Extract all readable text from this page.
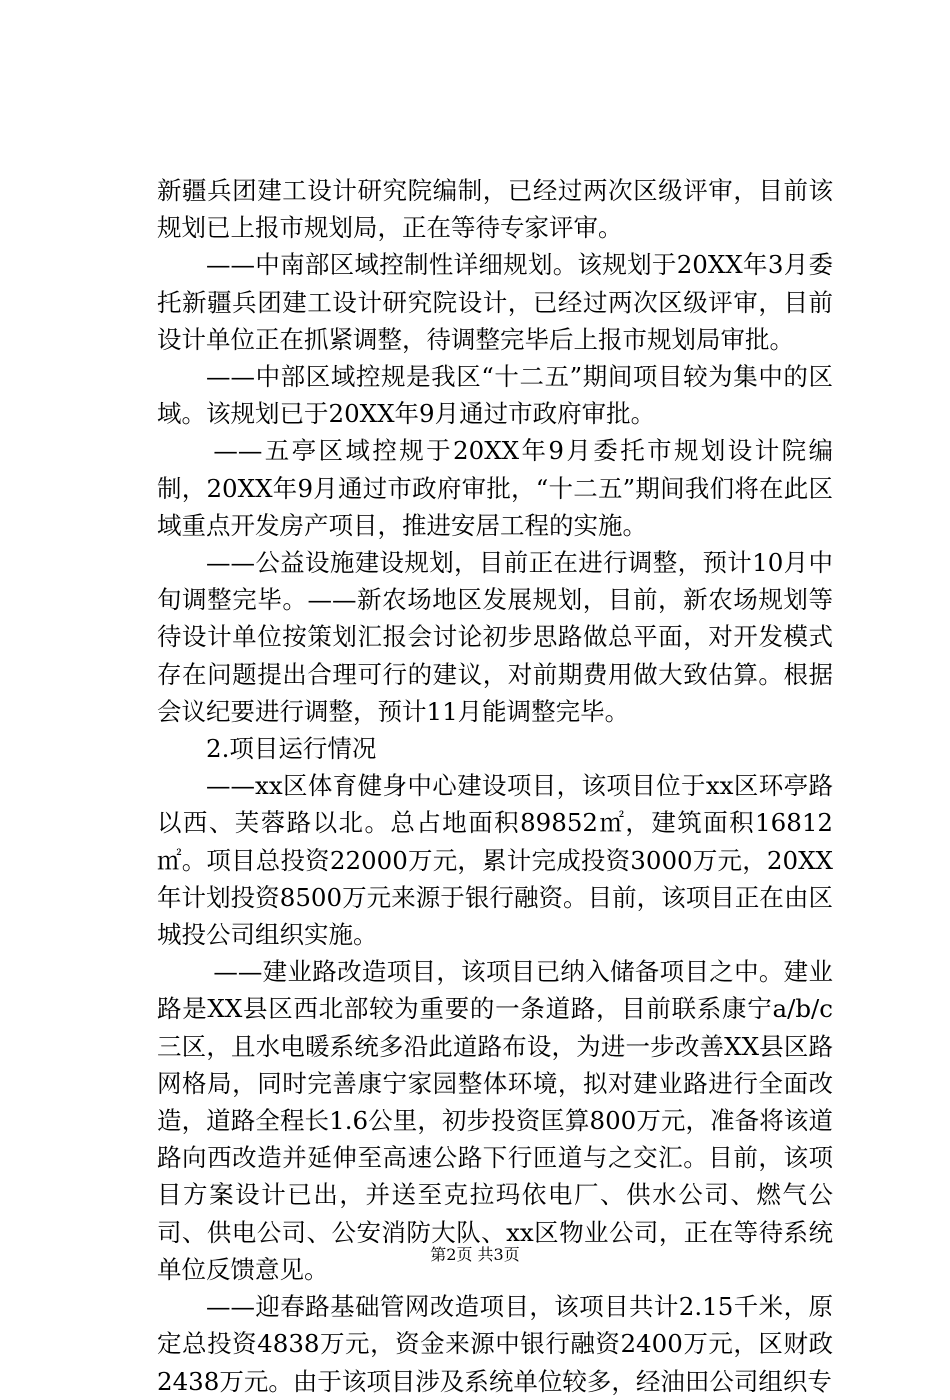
新疆兵团建工设计研究院编制，已经过两次区级评审，目前该规划已上报市规划局，正在等待专家评审。

——中南部区域控制性详细规划。该规划于20XX年3月委托新疆兵团建工设计研究院设计，已经过两次区级评审，目前设计单位正在抓紧调整，待调整完毕后上报市规划局审批。

——中部区域控规是我区“十二五”期间项目较为集中的区域。该规划已于20XX年9月通过市政府审批。

——五亭区域控规于20XX年9月委托市规划设计院编制，20XX年9月通过市政府审批，“十二五”期间我们将在此区域重点开发房产项目，推进安居工程的实施。

——公益设施建设规划，目前正在进行调整，预计10月中旬调整完毕。——新农场地区发展规划，目前，新农场规划等待设计单位按策划汇报会讨论初步思路做总平面，对开发模式存在问题提出合理可行的建议，对前期费用做大致估算。根据会议纪要进行调整，预计11月能调整完毕。

2.项目运行情况

——xx区体育健身中心建设项目，该项目位于xx区环亭路以西、芙蓉路以北。总占地面积89852㎡，建筑面积16812㎡。项目总投资22000万元，累计完成投资3000万元，20XX年计划投资8500万元来源于银行融资。目前，该项目正在由区城投公司组织实施。

——建业路改造项目，该项目已纳入储备项目之中。建业路是XX县区西北部较为重要的一条道路，目前联系康宁a/b/c三区，且水电暖系统多沿此道路布设，为进一步改善XX县区路网格局，同时完善康宁家园整体环境，拟对建业路进行全面改造，道路全程长1.6公里，初步投资匡算800万元，准备将该道路向西改造并延伸至高速公路下行匝道与之交汇。目前，该项目方案设计已出，并送至克拉玛依电厂、供水公司、燃气公司、供电公司、公安消防大队、xx区物业公司，正在等待系统单位反馈意见。

——迎春路基础管网改造项目，该项目共计2.15千米，原定总投资4838万元，资金来源中银行融资2400万元，区财政2438万元。由于该项目涉及系统单位较多，经油田公司组织专

第2页 共3页
